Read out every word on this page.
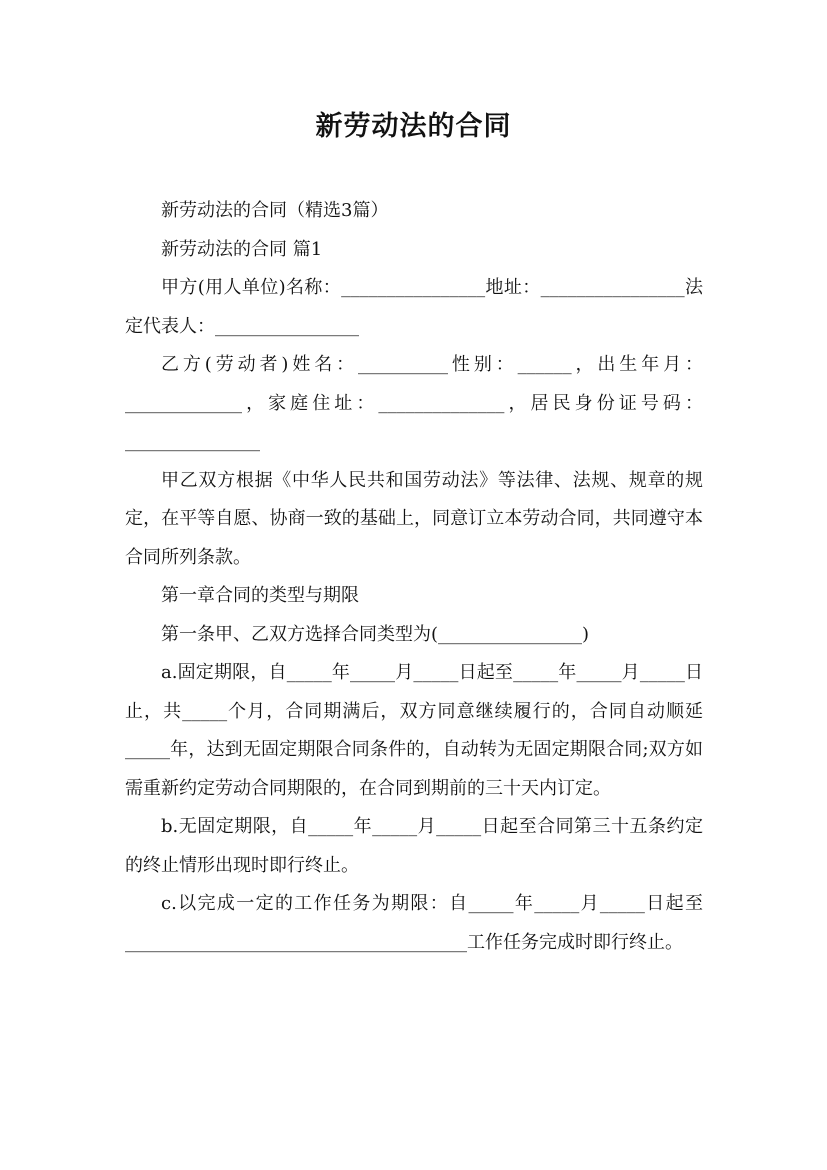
新劳动法的合同

新劳动法的合同（精选3篇）

新劳动法的合同 篇1

甲方(用人单位)名称：________________地址：________________法定代表人：________________

乙方(劳动者)姓名：__________性别：______，出生年月：_____________，家庭住址：______________，居民身份证号码：_______________

甲乙双方根据《中华人民共和国劳动法》等法律、法规、规章的规定，在平等自愿、协商一致的基础上，同意订立本劳动合同，共同遵守本合同所列条款。

第一章合同的类型与期限

第一条甲、乙双方选择合同类型为(________________)

a.固定期限，自_____年_____月_____日起至_____年_____月_____日止，共_____个月，合同期满后，双方同意继续履行的，合同自动顺延_____年，达到无固定期限合同条件的，自动转为无固定期限合同;双方如需重新约定劳动合同期限的，在合同到期前的三十天内订定。

b.无固定期限，自_____年_____月_____日起至合同第三十五条约定的终止情形出现时即行终止。

c.以完成一定的工作任务为期限：自_____年_____月_____日起至______________________________________工作任务完成时即行终止。
